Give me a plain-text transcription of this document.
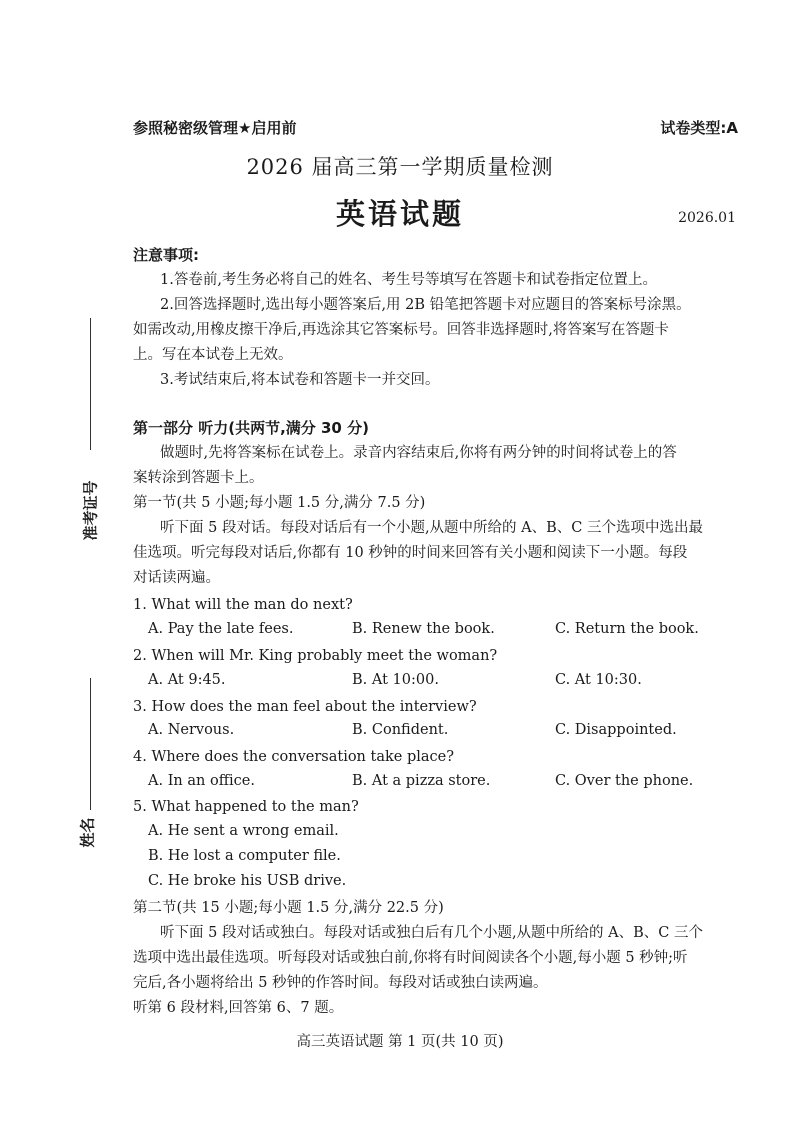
准考证号
姓名
参照秘密级管理★启用前	试卷类型:A
2026 届高三第一学期质量检测
英语试题	2026.01
注意事项:
1.答卷前,考生务必将自己的姓名、考生号等填写在答题卡和试卷指定位置上。
2.回答选择题时,选出每小题答案后,用 2B 铅笔把答题卡对应题目的答案标号涂黑。
如需改动,用橡皮擦干净后,再选涂其它答案标号。回答非选择题时,将答案写在答题卡
上。写在本试卷上无效。
3.考试结束后,将本试卷和答题卡一并交回。
第一部分 听力(共两节,满分 30 分)
做题时,先将答案标在试卷上。录音内容结束后,你将有两分钟的时间将试卷上的答
案转涂到答题卡上。
第一节(共 5 小题;每小题 1.5 分,满分 7.5 分)
听下面 5 段对话。每段对话后有一个小题,从题中所给的 A、B、C 三个选项中选出最
佳选项。听完每段对话后,你都有 10 秒钟的时间来回答有关小题和阅读下一小题。每段
对话读两遍。
1. What will the man do next?
A. Pay the late fees.	B. Renew the book.	C. Return the book.
2. When will Mr. King probably meet the woman?
A. At 9:45.	B. At 10:00.	C. At 10:30.
3. How does the man feel about the interview?
A. Nervous.	B. Confident.	C. Disappointed.
4. Where does the conversation take place?
A. In an office.	B. At a pizza store.	C. Over the phone.
5. What happened to the man?
A. He sent a wrong email.
B. He lost a computer file.
C. He broke his USB drive.
第二节(共 15 小题;每小题 1.5 分,满分 22.5 分)
听下面 5 段对话或独白。每段对话或独白后有几个小题,从题中所给的 A、B、C 三个
选项中选出最佳选项。听每段对话或独白前,你将有时间阅读各个小题,每小题 5 秒钟;听
完后,各小题将给出 5 秒钟的作答时间。每段对话或独白读两遍。
听第 6 段材料,回答第 6、7 题。
高三英语试题 第 1 页(共 10 页)
